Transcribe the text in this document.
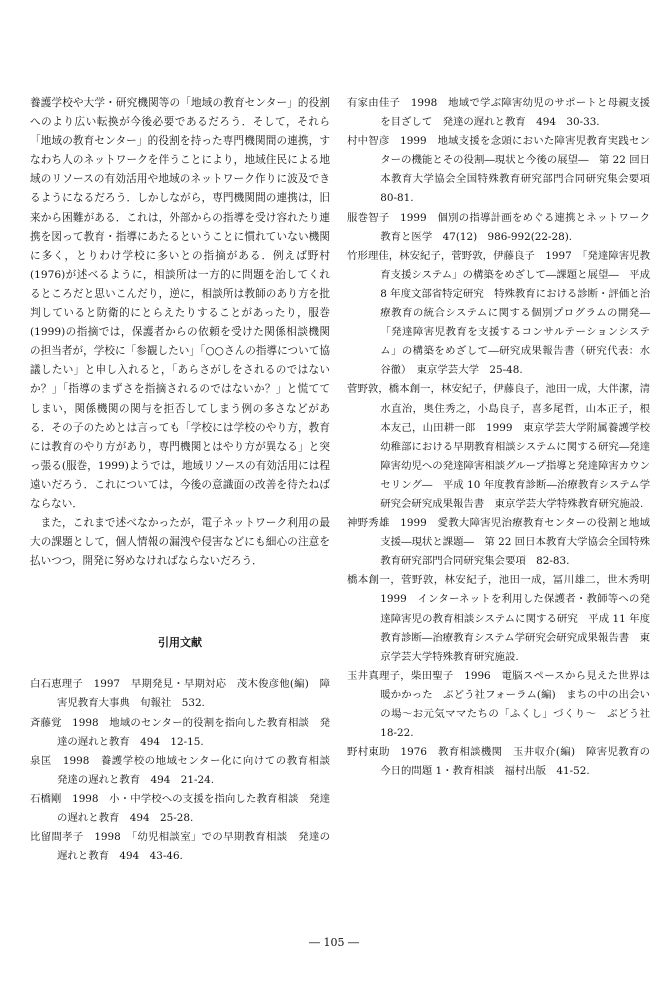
養護学校や大学・研究機関等の「地域の教育センター」的役割へのより広い転換が今後必要であるだろう．そして，それら「地域の教育センター」的役割を持った専門機関間の連携，すなわち人のネットワークを伴うことにより，地域住民による地域のリソースの有効活用や地域のネットワーク作りに波及できるようになるだろう．しかしながら，専門機関間の連携は，旧来から困難がある．これは，外部からの指導を受け容れたり連携を図って教育・指導にあたるということに慣れていない機関に多く，とりわけ学校に多いとの指摘がある．例えば野村(1976)が述べるように，相談所は一方的に問題を治してくれるところだと思いこんだり，逆に，相談所は教師のあり方を批判していると防衛的にとらえたりすることがあったり，服巻(1999)の指摘では，保護者からの依頼を受けた関係相談機関の担当者が，学校に「参観したい」「○○さんの指導について協議したい」と申し入れると，「あらさがしをされるのではないか？」「指導のまずさを指摘されるのではないか？」と慌ててしまい，関係機関の関与を拒否してしまう例の多さなどがある．その子のためとは言っても「学校には学校のやり方，教育には教育のやり方があり，専門機関とはやり方が異なる」と突っ張る(服巻，1999)ようでは，地域リソースの有効活用には程遠いだろう．これについては，今後の意識面の改善を待たねばならない．

また，これまで述べなかったが，電子ネットワーク利用の最大の課題として，個人情報の漏洩や侵害などにも細心の注意を払いつつ，開発に努めなければならないだろう．

引用文献
白石恵理子　1997　早期発見・早期対応　茂木俊彦他(編)　障害児教育大事典　旬報社　532.
斉藤覚　1998　地域のセンター的役割を指向した教育相談　発達の遅れと教育　494　12-15.
泉匡　1998　養護学校の地域センター化に向けての教育相談　発達の遅れと教育　494　21-24.
石橋剛　1998　小・中学校への支援を指向した教育相談　発達の遅れと教育　494　25-28.
比留間孝子　1998　「幼児相談室」での早期教育相談　発達の遅れと教育　494　43-46.
有家由佳子　1998　地域で学ぶ障害幼児のサポートと母親支援を目ざして　発達の遅れと教育　494　30-33.
村中智彦　1999　地域支援を念頭においた障害児教育実践センターの機能とその役割―現状と今後の展望―　第 22 回日本教育大学協会全国特殊教育研究部門合同研究集会要項　80-81.
服巻智子　1999　個別の指導計画をめぐる連携とネットワーク　教育と医学　47(12)　986-992(22-28).
竹形理佳，林安紀子，菅野敦，伊藤良子　1997　「発達障害児教育支援システム」の構築をめざして―課題と展望―　平成 8 年度文部省特定研究　特殊教育における診断・評価と治療教育の統合システムに関する個別プログラムの開発―「発達障害児教育を支援するコンサルテーションシステム」の構築をめざして―研究成果報告書（研究代表：水谷徹）　東京学芸大学　25-48.
菅野敦，橋本創一，林安紀子，伊藤良子，池田一成，大伴潔，清水直治，奥住秀之，小島良子，喜多尾哲，山本正子，根本友己，山田耕一郎　1999　東京学芸大学附属養護学校幼稚部における早期教育相談システムに関する研究―発達障害幼児への発達障害相談グループ指導と発達障害カウンセリング―　平成 10 年度教育診断―治療教育システム学研究会研究成果報告書　東京学芸大学特殊教育研究施設.
神野秀雄　1999　愛教大障害児治療教育センターの役割と地域支援―現状と課題―　第 22 回日本教育大学協会全国特殊教育研究部門合同研究集会要項　82-83.
橋本創一，菅野敦，林安紀子，池田一成，冨川雄二，世木秀明　1999　インターネットを利用した保護者・教師等への発達障害児の教育相談システムに関する研究　平成 11 年度教育診断―治療教育システム学研究会研究成果報告書　東京学芸大学特殊教育研究施設.
玉井真理子，柴田聖子　1996　電脳スペースから見えた世界は暖かかった　ぶどう社フォーラム(編)　まちの中の出会いの場～お元気ママたちの「ふくし」づくり～　ぶどう社　18-22.
野村東助　1976　教育相談機関　玉井収介(編)　障害児教育の今日的問題 1・教育相談　福村出版　41-52.
― 105 ―
